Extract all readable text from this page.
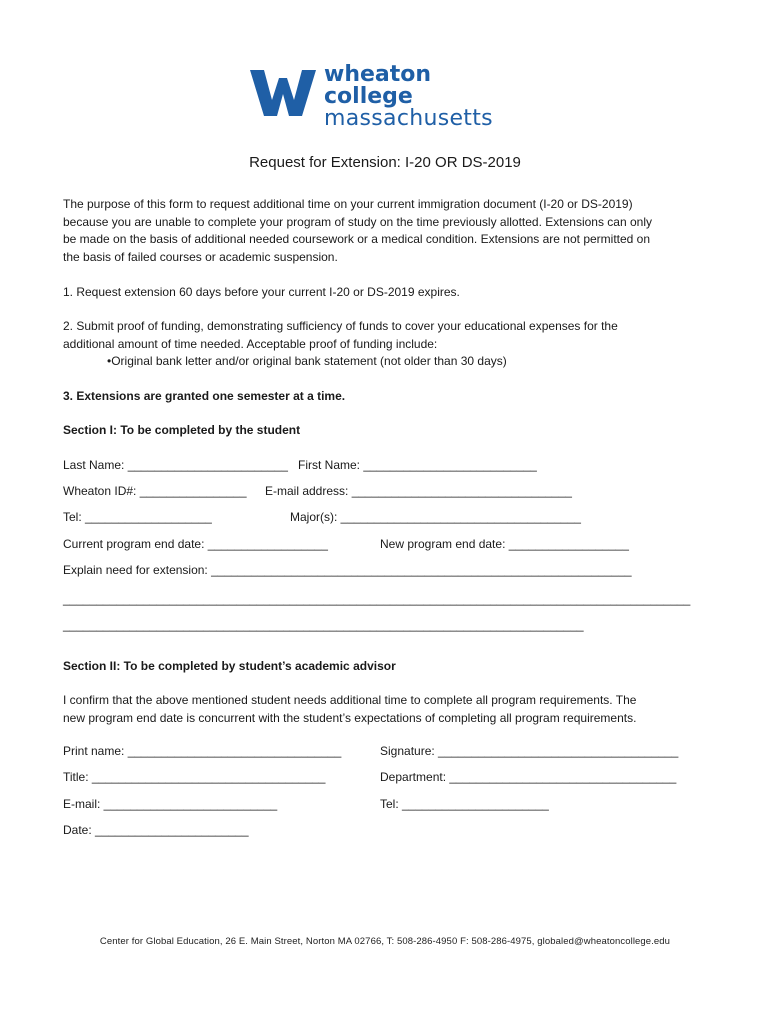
wheaton
college
massachusetts
Request for Extension: I-20 OR DS-2019
The purpose of this form to request additional time on your current immigration document (I-20 or DS-2019)
because you are unable to complete your program of study on the time previously allotted. Extensions can only
be made on the basis of additional needed coursework or a medical condition. Extensions are not permitted on
the basis of failed courses or academic suspension.
1. Request extension 60 days before your current I-20 or DS-2019 expires.
2. Submit proof of funding, demonstrating sufficiency of funds to cover your educational expenses for the
additional amount of time needed. Acceptable proof of funding include:
•Original bank letter and/or original bank statement (not older than 30 days)
3. Extensions are granted one semester at a time.
Section I: To be completed by the student
Last Name: ________________________ First Name: __________________________
Wheaton ID#: ________________ E-mail address: _________________________________
Tel: ___________________	Major(s): ____________________________________
Current program end date: __________________	New program end date: __________________
Explain need for extension: _______________________________________________________________
______________________________________________________________________________________________
______________________________________________________________________________
Section II: To be completed by student’s academic advisor
I confirm that the above mentioned student needs additional time to complete all program requirements. The
new program end date is concurrent with the student’s expectations of completing all program requirements.
Print name: ________________________________	Signature: ____________________________________
Title: ___________________________________	Department: __________________________________
E-mail: __________________________	Tel: ______________________
Date: _______________________
Center for Global Education, 26 E. Main Street, Norton MA 02766, T: 508-286-4950 F: 508-286-4975, globaled@wheatoncollege.edu
